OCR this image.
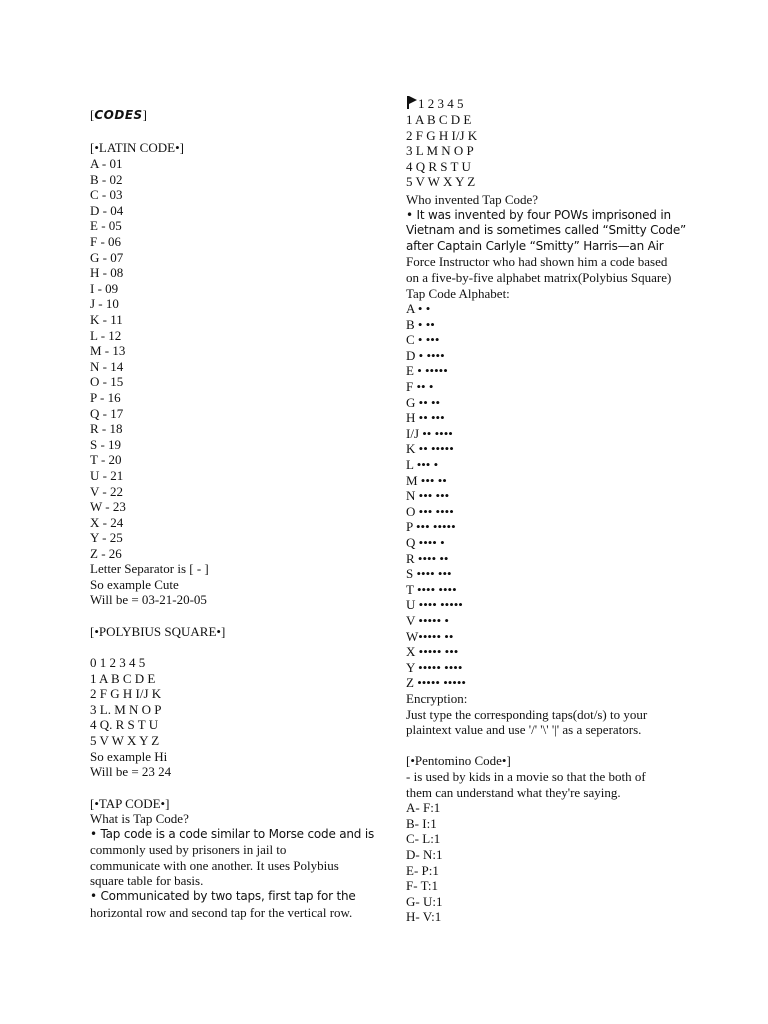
[CODES]
[•LATIN CODE•]
A - 01
B - 02
C - 03
D - 04
E - 05
F - 06
G - 07
H - 08
I - 09
J - 10
K - 11
L - 12
M - 13
N - 14
O - 15
P - 16
Q - 17
R - 18
S - 19
T - 20
U - 21
V - 22
W - 23
X - 24
Y - 25
Z - 26
Letter Separator is [ - ]
So example Cute
Will be = 03-21-20-05
[•POLYBIUS SQUARE•]
0 1 2 3 4 5
1 A B C D E
2 F G H I/J K
3 L. M N O P
4 Q. R S T U
5 V W X Y Z
So example Hi
Will be = 23 24
[•TAP CODE•]
What is Tap Code?
• Tap code is a code similar to Morse code and is
commonly used by prisoners in jail to
communicate with one another. It uses Polybius
square table for basis.
• Communicated by two taps, first tap for the
horizontal row and second tap for the vertical row.
1 2 3 4 5
1 A B C D E
2 F G H I/J K
3 L M N O P
4 Q R S T U
5 V W X Y Z
Who invented Tap Code?
• It was invented by four POWs imprisoned in
Vietnam and is sometimes called “Smitty Code”
after Captain Carlyle “Smitty” Harris—an Air
Force Instructor who had shown him a code based
on a five-by-five alphabet matrix(Polybius Square)
Tap Code Alphabet:
A • •
B • ••
C • •••
D • ••••
E • •••••
F •• •
G •• ••
H •• •••
I/J •• ••••
K •• •••••
L ••• •
M ••• ••
N ••• •••
O ••• ••••
P ••• •••••
Q •••• •
R •••• ••
S •••• •••
T •••• ••••
U •••• •••••
V ••••• •
W••••• ••
X ••••• •••
Y ••••• ••••
Z ••••• •••••
Encryption:
Just type the corresponding taps(dot/s) to your
plaintext value and use '/' '\' '|' as a seperators.
[•Pentomino Code•]
- is used by kids in a movie so that the both of
them can understand what they're saying.
A- F:1
B- I:1
C- L:1
D- N:1
E- P:1
F- T:1
G- U:1
H- V:1
